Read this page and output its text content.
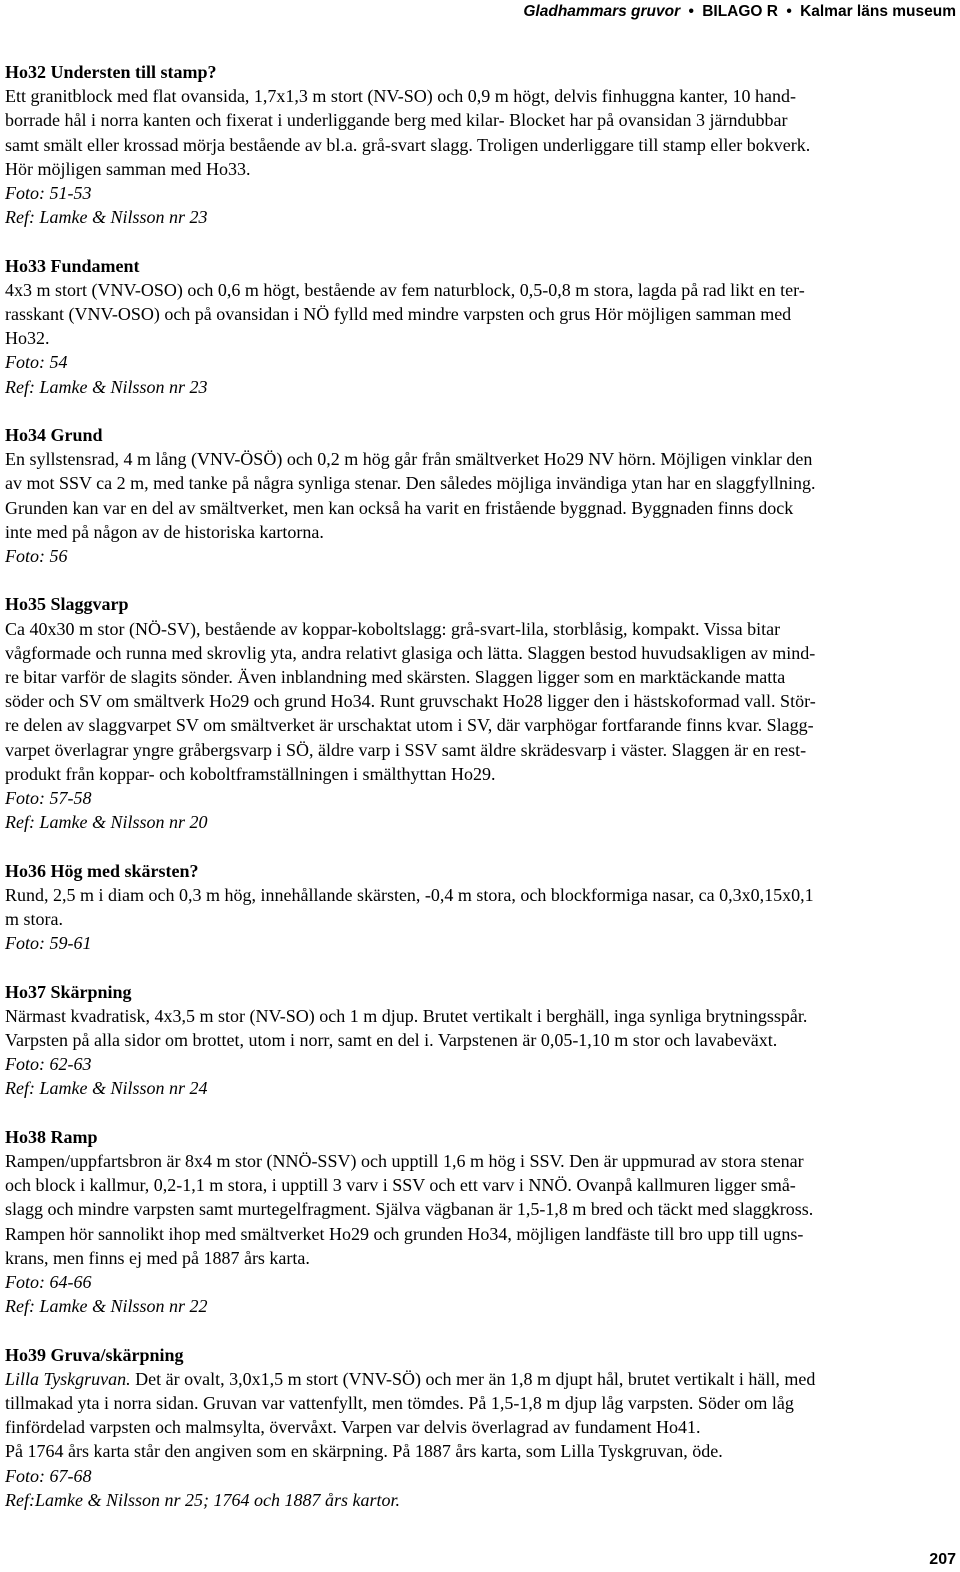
Gladhammars gruvor • BILAGO R • Kalmar läns museum
Ho32 Understen till stamp?
Ett granitblock med flat ovansida, 1,7x1,3 m stort (NV-SO) och 0,9 m högt, delvis finhuggna kanter, 10 hand-
borrade hål i norra kanten och fixerat i underliggande berg med kilar- Blocket har på ovansidan 3 järndubbar
samt smält eller krossad mörja bestående av bl.a. grå-svart slagg. Troligen underliggare till stamp eller bokverk.
Hör möjligen samman med Ho33.
Foto: 51-53
Ref: Lamke & Nilsson nr 23
Ho33 Fundament
4x3 m stort (VNV-OSO) och 0,6 m högt, bestående av fem naturblock, 0,5-0,8 m stora, lagda på rad likt en ter-
rasskant (VNV-OSO) och på ovansidan i NÖ fylld med mindre varpsten och grus Hör möjligen samman med
Ho32.
Foto: 54
Ref: Lamke & Nilsson nr 23
Ho34 Grund
En syllstensrad, 4 m lång (VNV-ÖSÖ) och 0,2 m hög går från smältverket Ho29 NV hörn. Möjligen vinklar den
av mot SSV ca 2 m, med tanke på några synliga stenar. Den således möjliga invändiga ytan har en slaggfyllning.
Grunden kan var en del av smältverket, men kan också ha varit en fristående byggnad. Byggnaden finns dock
inte med på någon av de historiska kartorna.
Foto: 56
Ho35 Slaggvarp
Ca 40x30 m stor (NÖ-SV), bestående av koppar-koboltslagg: grå-svart-lila, storblåsig, kompakt. Vissa bitar
vågformade och runna med skrovlig yta, andra relativt glasiga och lätta. Slaggen bestod huvudsakligen av mind-
re bitar varför de slagits sönder. Även inblandning med skärsten. Slaggen ligger som en marktäckande matta
söder och SV om smältverk Ho29 och grund Ho34. Runt gruvschakt Ho28 ligger den i hästskoformad vall. Stör-
re delen av slaggvarpet SV om smältverket är urschaktat utom i SV, där varphögar fortfarande finns kvar. Slagg-
varpet överlagrar yngre gråbergsvarp i SÖ, äldre varp i SSV samt äldre skrädesvarp i väster. Slaggen är en rest-
produkt från koppar- och koboltframställningen i smälthyttan Ho29.
Foto: 57-58
Ref: Lamke & Nilsson nr 20
Ho36 Hög med skärsten?
Rund, 2,5 m i diam och 0,3 m hög, innehållande skärsten, -0,4 m stora, och blockformiga nasar, ca 0,3x0,15x0,1
m stora.
Foto: 59-61
Ho37 Skärpning
Närmast kvadratisk, 4x3,5 m stor (NV-SO) och 1 m djup. Brutet vertikalt i berghäll, inga synliga brytningsspår.
Varpsten på alla sidor om brottet, utom i norr, samt en del i. Varpstenen är 0,05-1,10 m stor och lavabeväxt.
Foto: 62-63
Ref: Lamke & Nilsson nr 24
Ho38 Ramp
Rampen/uppfartsbron är 8x4 m stor (NNÖ-SSV) och upptill 1,6 m hög i SSV. Den är uppmurad av stora stenar
och block i kallmur, 0,2-1,1 m stora, i upptill 3 varv i SSV och ett varv i NNÖ. Ovanpå kallmuren ligger små-
slagg och mindre varpsten samt murtegelfragment. Själva vägbanan är 1,5-1,8 m bred och täckt med slaggkross.
Rampen hör sannolikt ihop med smältverket Ho29 och grunden Ho34, möjligen landfäste till bro upp till ugns-
krans, men finns ej med på 1887 års karta.
Foto: 64-66
Ref: Lamke & Nilsson nr 22
Ho39 Gruva/skärpning
Lilla Tyskgruvan. Det är ovalt, 3,0x1,5 m stort (VNV-SÖ) och mer än 1,8 m djupt hål, brutet vertikalt i häll, med
tillmakad yta i norra sidan. Gruvan var vattenfyllt, men tömdes. På 1,5-1,8 m djup låg varpsten. Söder om låg
finfördelad varpsten och malmsylta, övervåxt. Varpen var delvis överlagrad av fundament Ho41.
På 1764 års karta står den angiven som en skärpning. På 1887 års karta, som Lilla Tyskgruvan, öde.
Foto: 67-68
Ref:Lamke & Nilsson nr 25; 1764 och 1887 års kartor.
207
